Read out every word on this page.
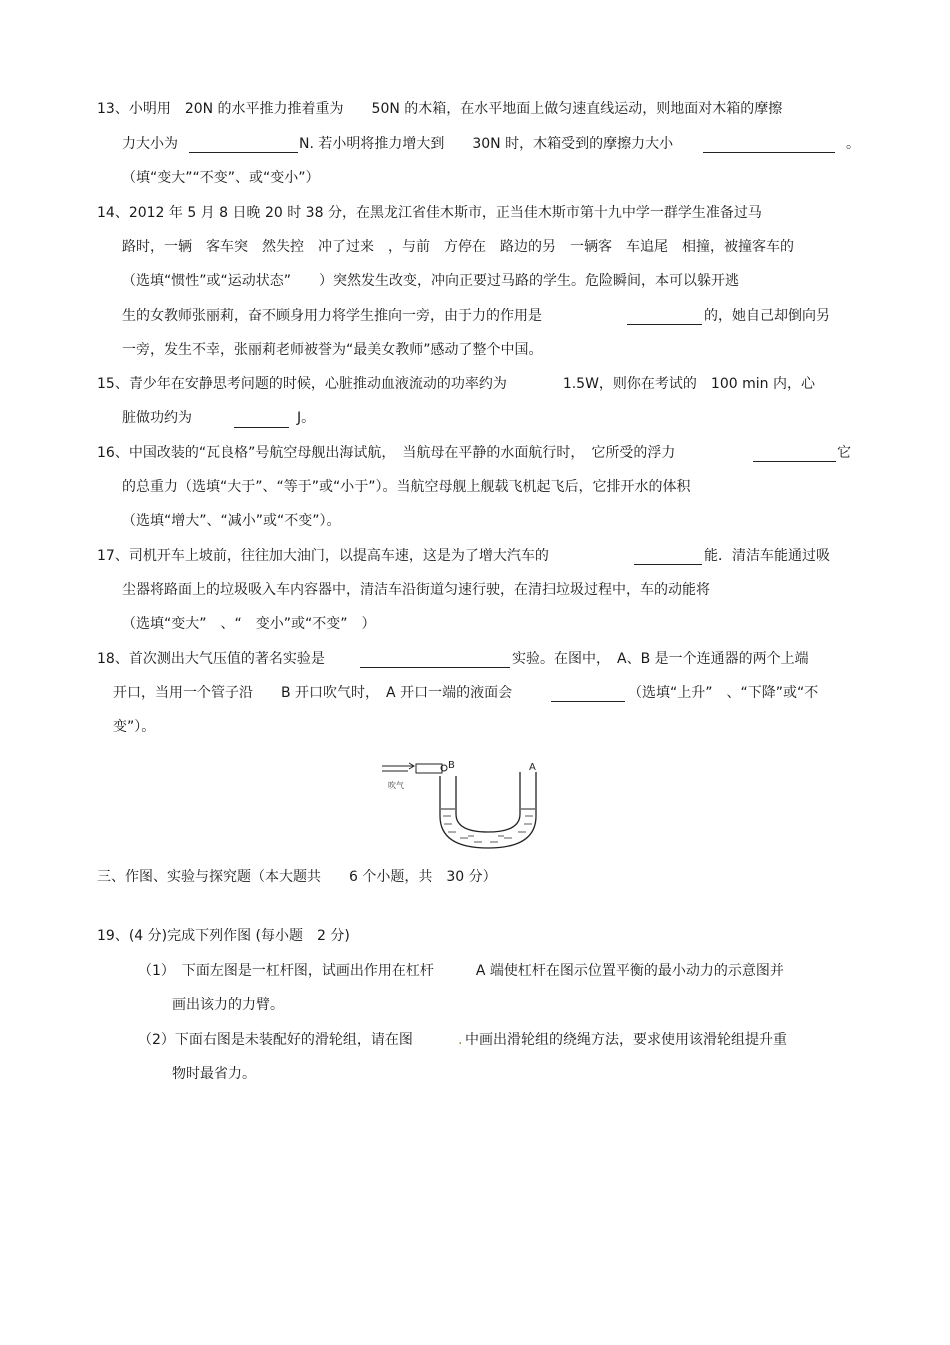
13、小明用　20N 的水平推力推着重为　　50N 的木箱，在水平地面上做匀速直线运动，则地面对木箱的摩擦
力大小为	N. 若小明将推力增大到　　30N 时，木箱受到的摩擦力大小	。
（填“变大”“不变”、或“变小”）
14、2012 年 5 月 8 日晚 20 时 38 分，在黑龙江省佳木斯市，正当佳木斯市第十九中学一群学生准备过马
路时，一辆　客车突　然失控　冲了过来　，与前　方停在　路边的另　一辆客　车追尾　相撞，被撞客车的
（选填“惯性”或“运动状态”　　）突然发生改变，冲向正要过马路的学生。危险瞬间，本可以躲开逃
生的女教师张丽莉，奋不顾身用力将学生推向一旁，由于力的作用是	的，她自己却倒向另
一旁，发生不幸，张丽莉老师被誉为“最美女教师”感动了整个中国。
15、青少年在安静思考问题的时候，心脏推动血液流动的功率约为　　　　1.5W，则你在考试的　100 min 内，心
脏做功约为	J。
16、中国改装的“瓦良格”号航空母舰出海试航，　当航母在平静的水面航行时，　它所受的浮力	它
的总重力（选填“大于”、“等于”或“小于”）。当航空母舰上舰载飞机起飞后，它排开水的体积
（选填“增大”、“减小”或“不变”）。
17、司机开车上坡前，往往加大油门，以提高车速，这是为了增大汽车的	能．清洁车能通过吸
尘器将路面上的垃圾吸入车内容器中，清洁车沿街道匀速行驶，在清扫垃圾过程中，车的动能将
（选填“变大”　、“　变小”或“不变”　）
18、首次测出大气压值的著名实验是	实验。在图中，　A、B 是一个连通器的两个上端
开口，当用一个管子沿　　B 开口吹气时，　A 开口一端的液面会	（选填“上升”　、“下降”或“不
变”）。
B	A
吹气
三、作图、实验与探究题（本大题共　　6 个小题，共　30 分）
19、(4 分)完成下列作图 (每小题　2 分)
（1）　下面左图是一杠杆图，试画出作用在杠杆　　　A 端使杠杆在图示位置平衡的最小动力的示意图并
画出该力的力臂。
（2）下面右图是未装配好的滑轮组，请在图	. 中画出滑轮组的绕绳方法，要求使用该滑轮组提升重
物时最省力。
